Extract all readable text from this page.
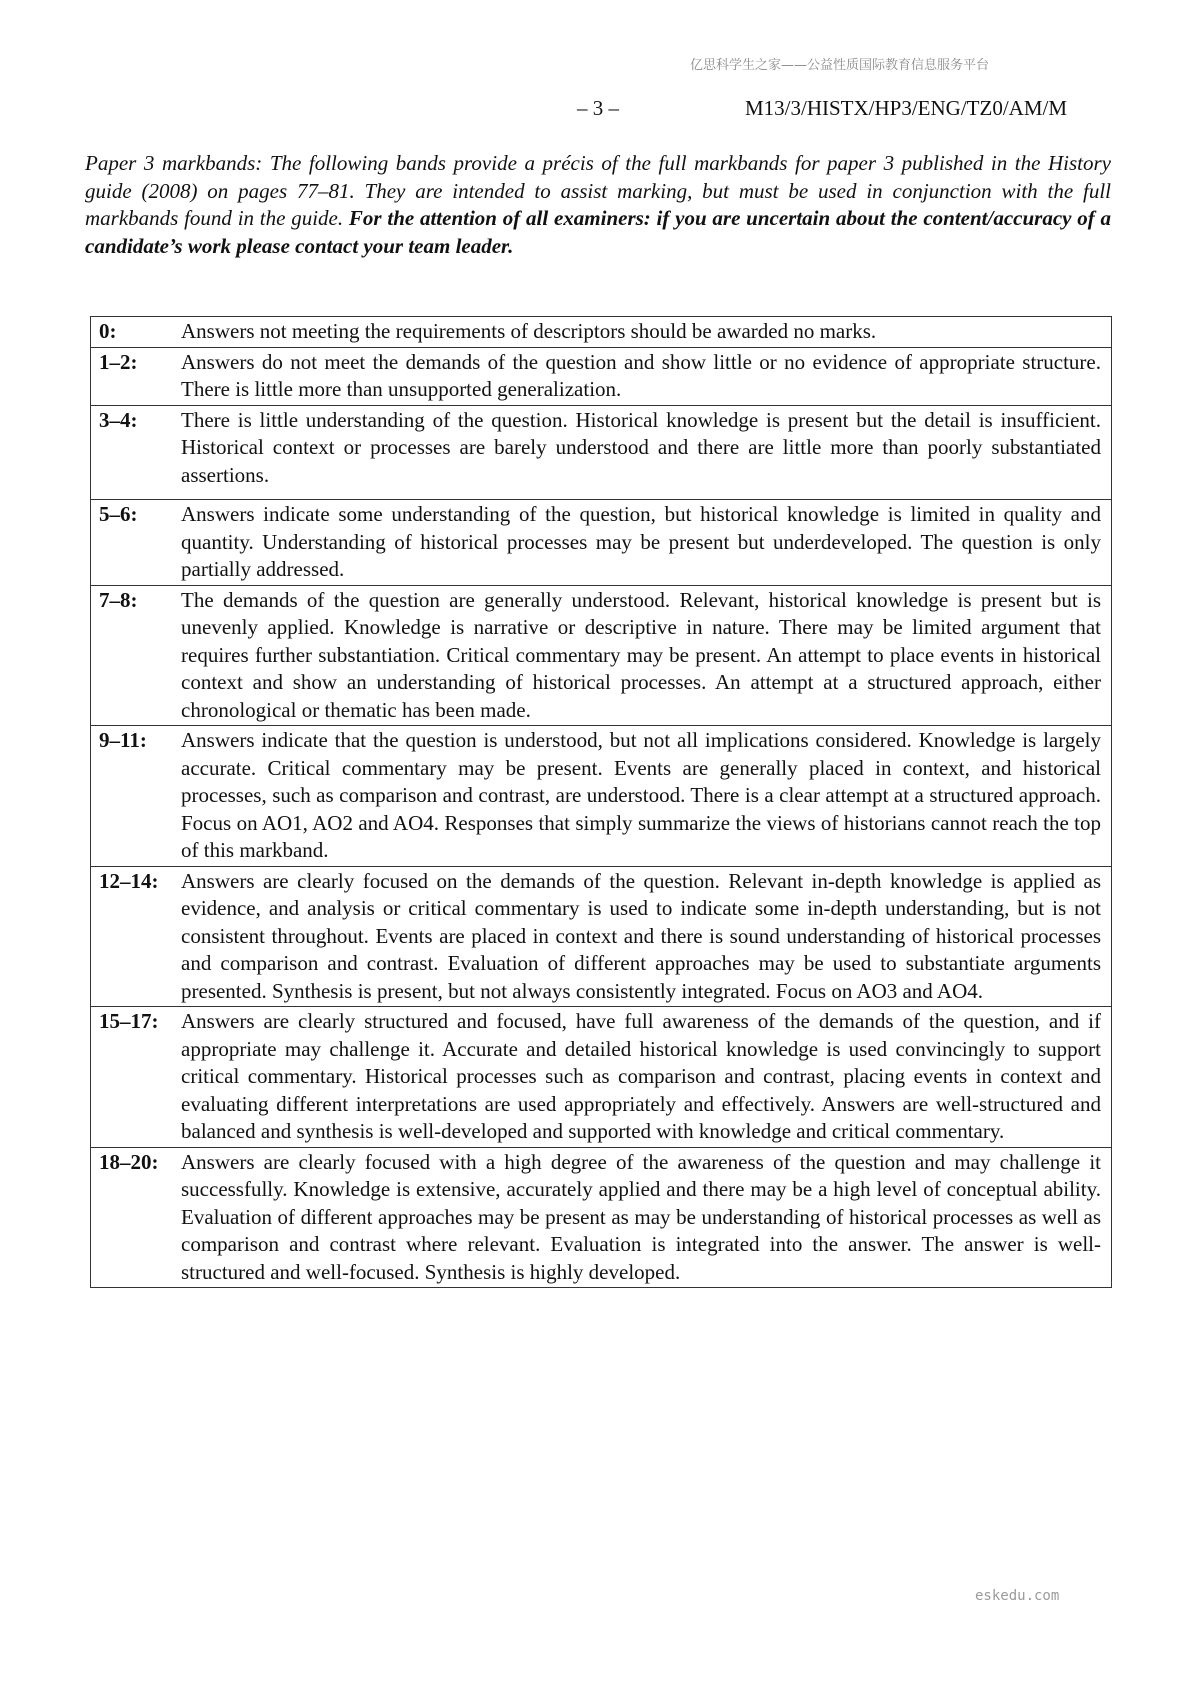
亿思科学生之家——公益性质国际教育信息服务平台
– 3 –	M13/3/HISTX/HP3/ENG/TZ0/AM/M
Paper 3 markbands: The following bands provide a précis of the full markbands for paper 3 published in the History guide (2008) on pages 77–81. They are intended to assist marking, but must be used in conjunction with the full markbands found in the guide. For the attention of all examiners: if you are uncertain about the content/accuracy of a candidate’s work please contact your team leader.
0:	Answers not meeting the requirements of descriptors should be awarded no marks.
1–2:	Answers do not meet the demands of the question and show little or no evidence of appropriate structure. There is little more than unsupported generalization.
3–4:	There is little understanding of the question. Historical knowledge is present but the detail is insufficient. Historical context or processes are barely understood and there are little more than poorly substantiated assertions.
5–6:	Answers indicate some understanding of the question, but historical knowledge is limited in quality and quantity. Understanding of historical processes may be present but underdeveloped. The question is only partially addressed.
7–8:	The demands of the question are generally understood. Relevant, historical knowledge is present but is unevenly applied. Knowledge is narrative or descriptive in nature. There may be limited argument that requires further substantiation. Critical commentary may be present. An attempt to place events in historical context and show an understanding of historical processes. An attempt at a structured approach, either chronological or thematic has been made.
9–11:	Answers indicate that the question is understood, but not all implications considered. Knowledge is largely accurate. Critical commentary may be present. Events are generally placed in context, and historical processes, such as comparison and contrast, are understood. There is a clear attempt at a structured approach. Focus on AO1, AO2 and AO4. Responses that simply summarize the views of historians cannot reach the top of this markband.
12–14:	Answers are clearly focused on the demands of the question. Relevant in-depth knowledge is applied as evidence, and analysis or critical commentary is used to indicate some in-depth understanding, but is not consistent throughout. Events are placed in context and there is sound understanding of historical processes and comparison and contrast. Evaluation of different approaches may be used to substantiate arguments presented. Synthesis is present, but not always consistently integrated. Focus on AO3 and AO4.
15–17:	Answers are clearly structured and focused, have full awareness of the demands of the question, and if appropriate may challenge it. Accurate and detailed historical knowledge is used convincingly to support critical commentary. Historical processes such as comparison and contrast, placing events in context and evaluating different interpretations are used appropriately and effectively. Answers are well-structured and balanced and synthesis is well-developed and supported with knowledge and critical commentary.
18–20:	Answers are clearly focused with a high degree of the awareness of the question and may challenge it successfully. Knowledge is extensive, accurately applied and there may be a high level of conceptual ability. Evaluation of different approaches may be present as may be understanding of historical processes as well as comparison and contrast where relevant. Evaluation is integrated into the answer. The answer is well-structured and well-focused. Synthesis is highly developed.
eskedu.com
